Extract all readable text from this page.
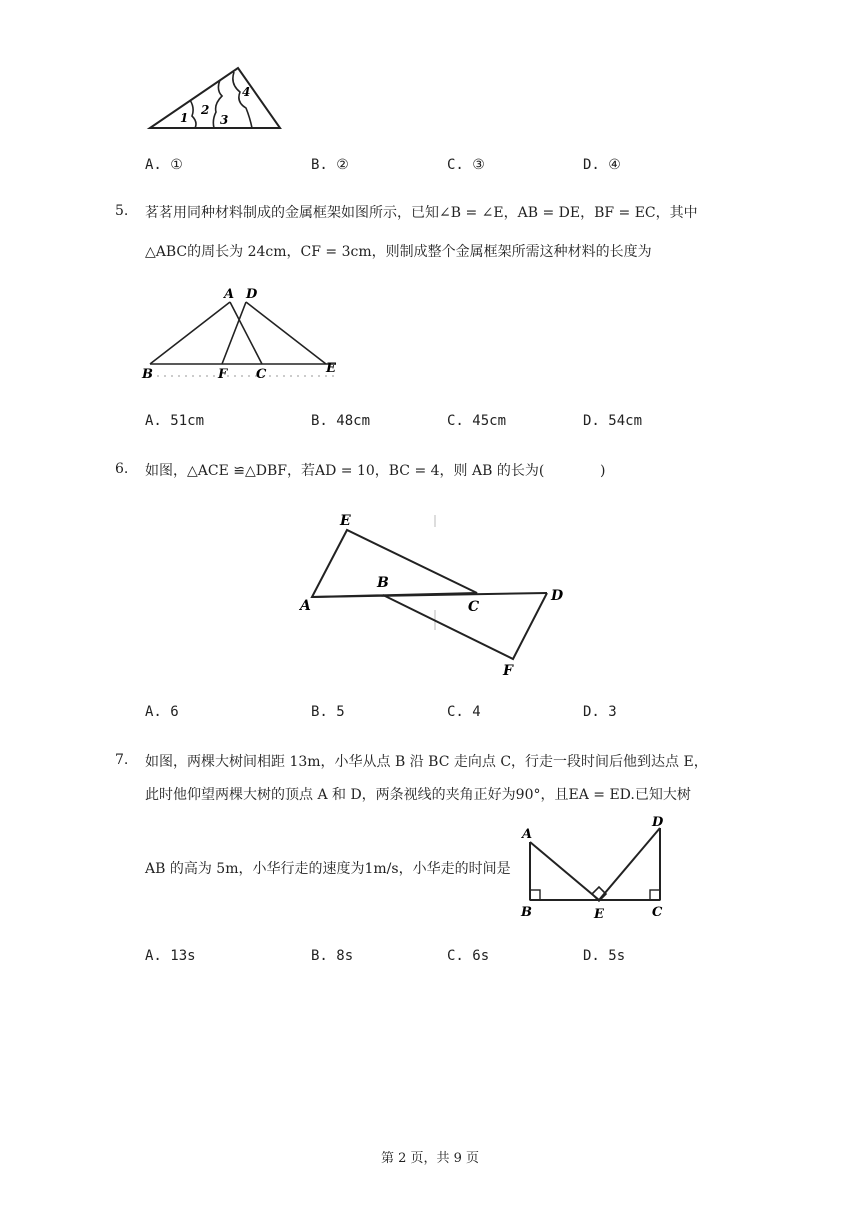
1
2
3
4
A. ①	B. ②	C. ③	D. ④
5. 茗茗用同种材料制成的金属框架如图所示，已知∠B = ∠E，AB = DE，BF = EC，其中
△ABC的周长为 24cm，CF = 3cm，则制成整个金属框架所需这种材料的长度为
A D
B	F C	E
A. 51cm	B. 48cm	C. 45cm	D. 54cm
6. 如图，△ACE ≌△DBF，若AD = 10，BC = 4，则 AB 的长为(	)
E
A
B
C
D
F
A. 6	B. 5	C. 4	D. 3
7. 如图，两棵大树间相距 13m，小华从点 B 沿 BC 走向点 C，行走一段时间后他到达点 E，
此时他仰望两棵大树的顶点 A 和 D，两条视线的夹角正好为90°，且EA = ED.已知大树
AB 的高为 5m，小华行走的速度为1m/s，小华走的时间是
A
D
B	E	C
A. 13s	B. 8s	C. 6s	D. 5s
第 2 页，共 9 页
